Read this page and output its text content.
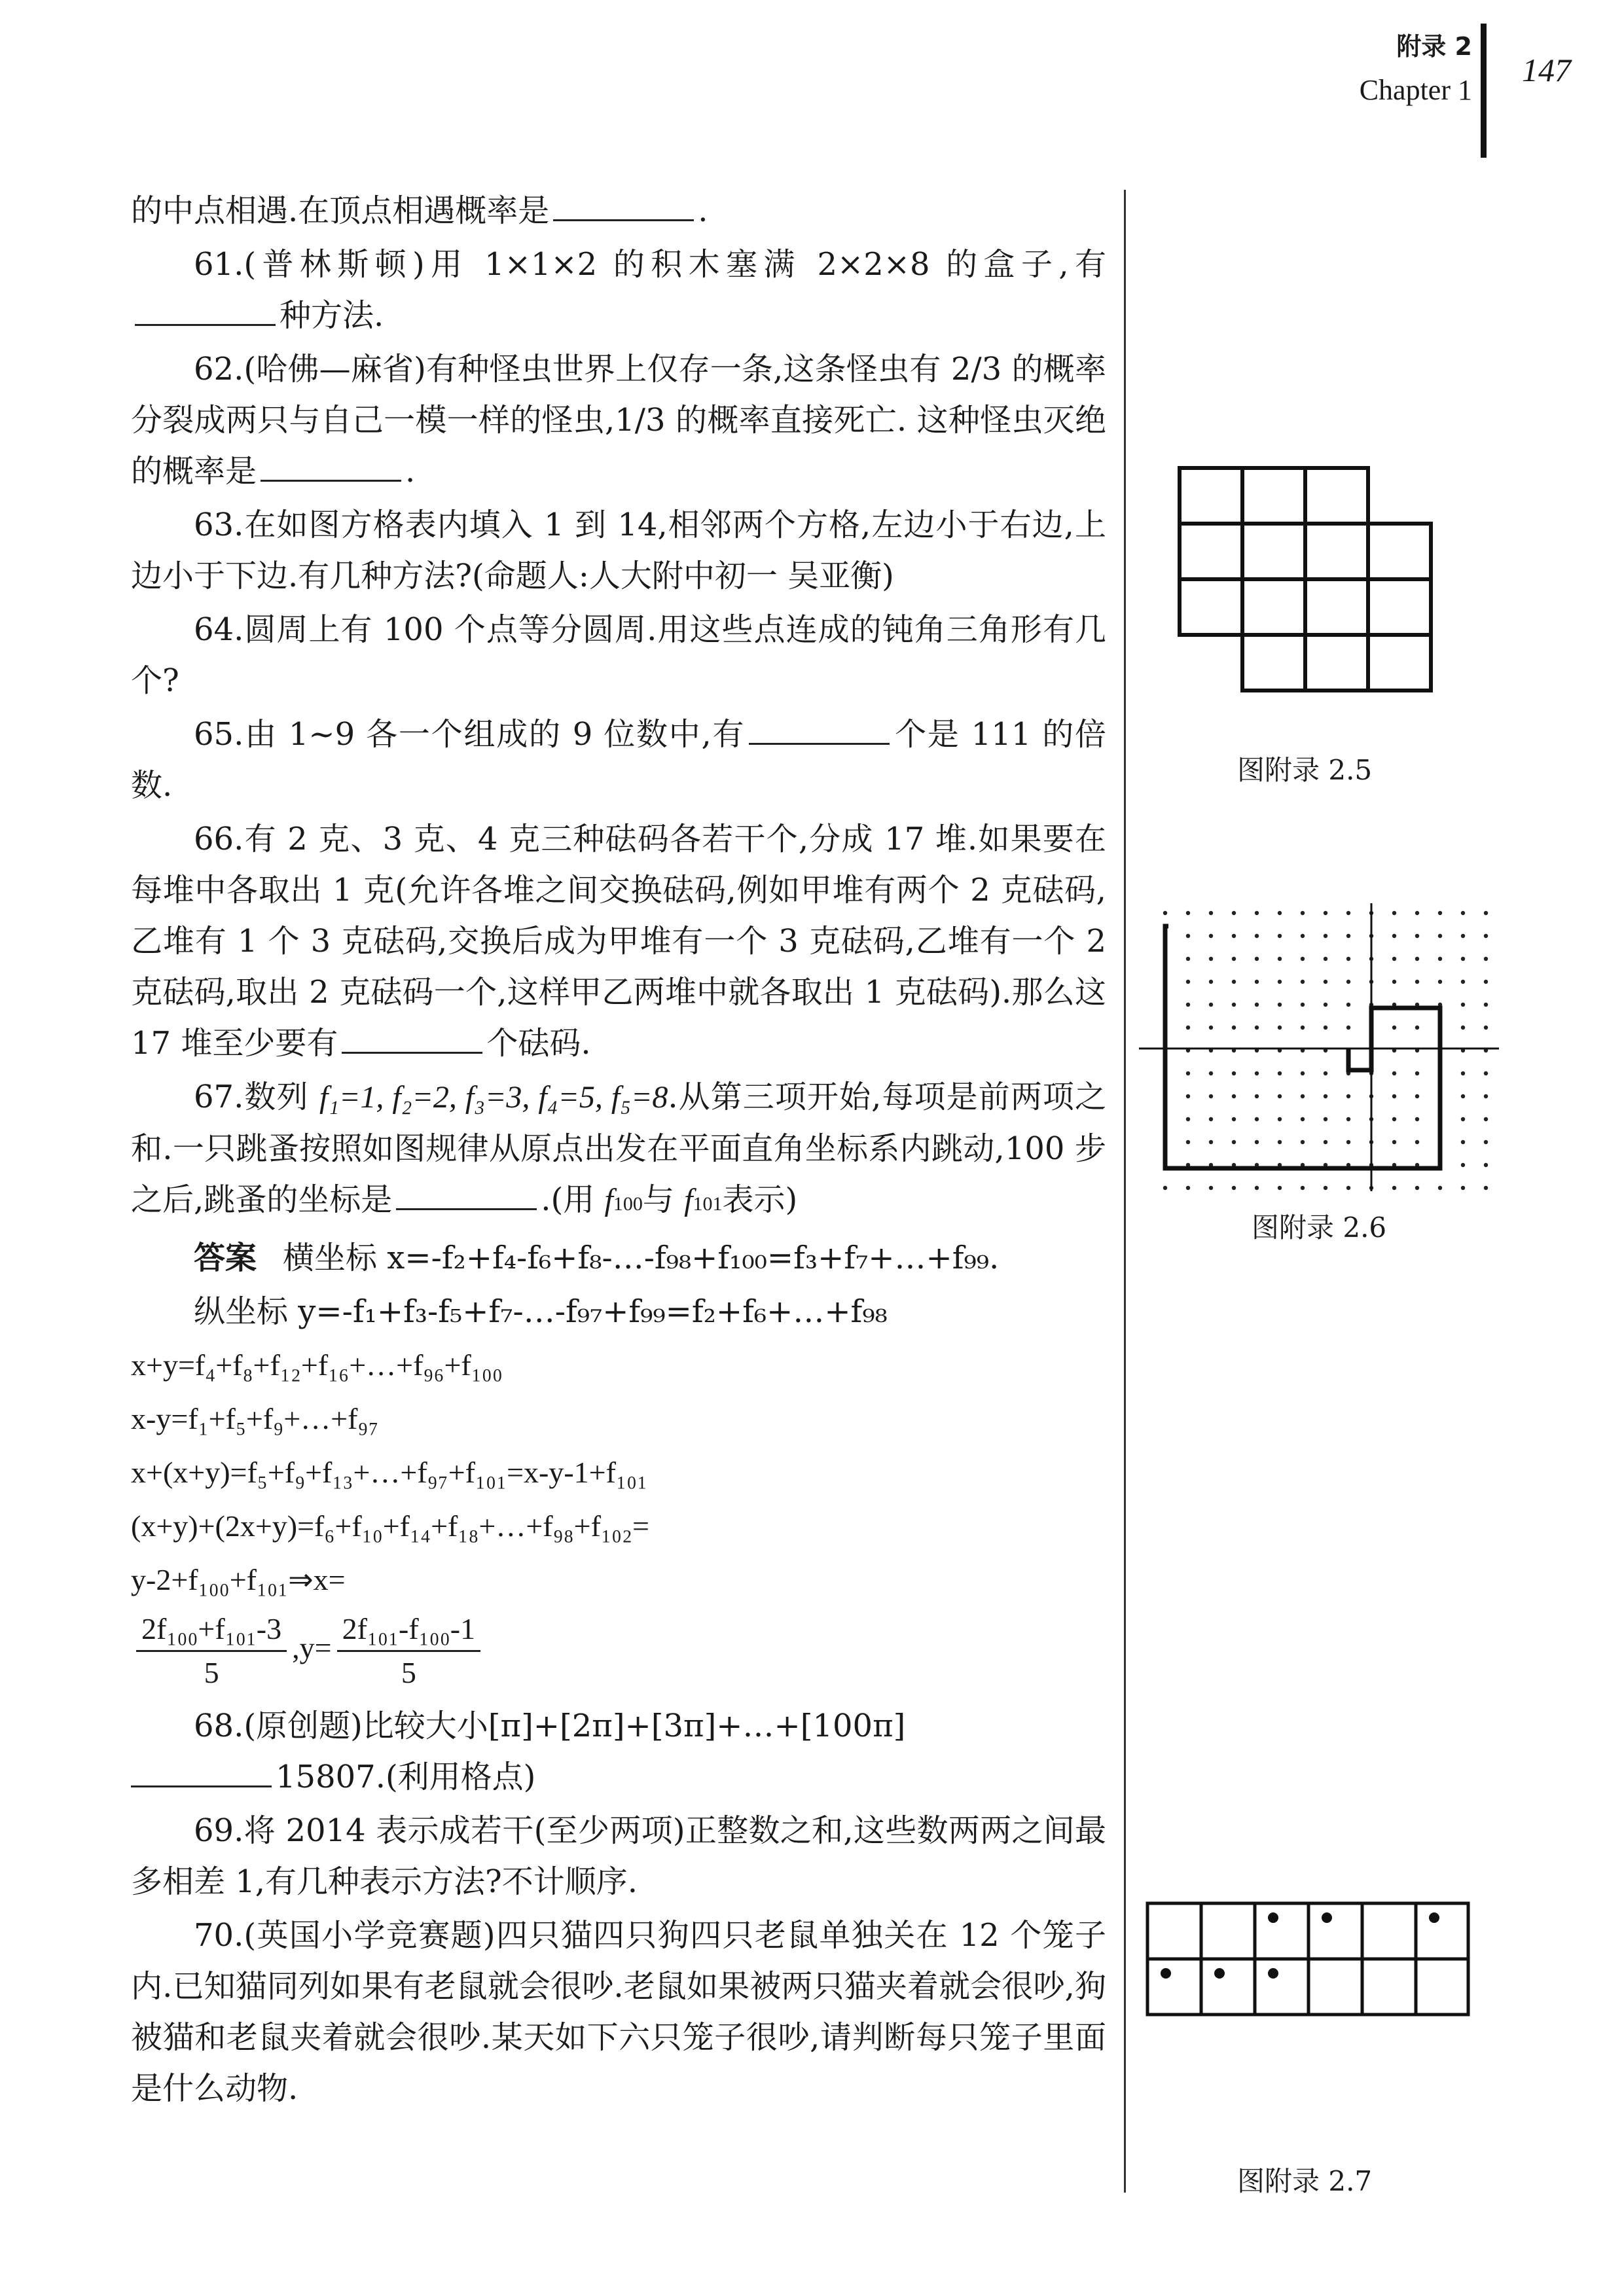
附录 2
Chapter 1
147

的中点相遇.在顶点相遇概率是	.

61.(普林斯顿)用 1×1×2 的积木塞满 2×2×8 的盒子,有种方法.

62.(哈佛—麻省)有种怪虫世界上仅存一条,这条怪虫有 2/3 的概率分裂成两只与自己一模一样的怪虫,1/3 的概率直接死亡. 这种怪虫灭绝的概率是	.

63.在如图方格表内填入 1 到 14,相邻两个方格,左边小于右边,上边小于下边.有几种方法?(命题人:人大附中初一 吴亚衡)

64.圆周上有 100 个点等分圆周.用这些点连成的钝角三角形有几个?

65.由 1~9 各一个组成的 9 位数中,有	个是 111 的倍数.

66.有 2 克、3 克、4 克三种砝码各若干个,分成 17 堆.如果要在每堆中各取出 1 克(允许各堆之间交换砝码,例如甲堆有两个 2 克砝码,乙堆有 1 个 3 克砝码,交换后成为甲堆有一个 3 克砝码,乙堆有一个 2 克砝码,取出 2 克砝码一个,这样甲乙两堆中就各取出 1 克砝码).那么这 17 堆至少要有	个砝码.

67.数列 f₁=1, f₂=2, f₃=3, f₄=5, f₅=8.从第三项开始,每项是前两项之和.一只跳蚤按照如图规律从原点出发在平面直角坐标系内跳动,100 步之后,跳蚤的坐标是	.(用 f100与 f101表示)

答案 横坐标 x=-f₂+f₄-f₆+f₈-…-f₉₈+f₁₀₀=f₃+f₇+…+f₉₉.

纵坐标 y=-f₁+f₃-f₅+f₇-…-f₉₇+f₉₉=f₂+f₆+…+f₉₈

x+y=f₄+f₈+f₁₂+f₁₆+…+f₉₆+f₁₀₀

x-y=f₁+f₅+f₉+…+f₉₇

x+(x+y)=f₅+f₉+f₁₃+…+f₉₇+f₁₀₁=x-y-1+f₁₀₁

(x+y)+(2x+y)=f₆+f₁₀+f₁₄+f₁₈+…+f₉₈+f₁₀₂=

y-2+f₁₀₀+f₁₀₁⇒x=

$\frac{\text{2f₁₀₀+f₁₀₁-3}}{5} ,y= \frac{\text{2f₁₀₁-f₁₀₀-1}}{5}$

68.(原创题)比较大小[π]+[2π]+[3π]+…+[100π]
15807.(利用格点)

69.将 2014 表示成若干(至少两项)正整数之和,这些数两两之间最多相差 1,有几种表示方法?不计顺序.

70.(英国小学竞赛题)四只猫四只狗四只老鼠单独关在 12 个笼子内.已知猫同列如果有老鼠就会很吵.老鼠如果被两只猫夹着就会很吵,狗被猫和老鼠夹着就会很吵.某天如下六只笼子很吵,请判断每只笼子里面是什么动物.

图附录 2.5
图附录 2.6
图附录 2.7
